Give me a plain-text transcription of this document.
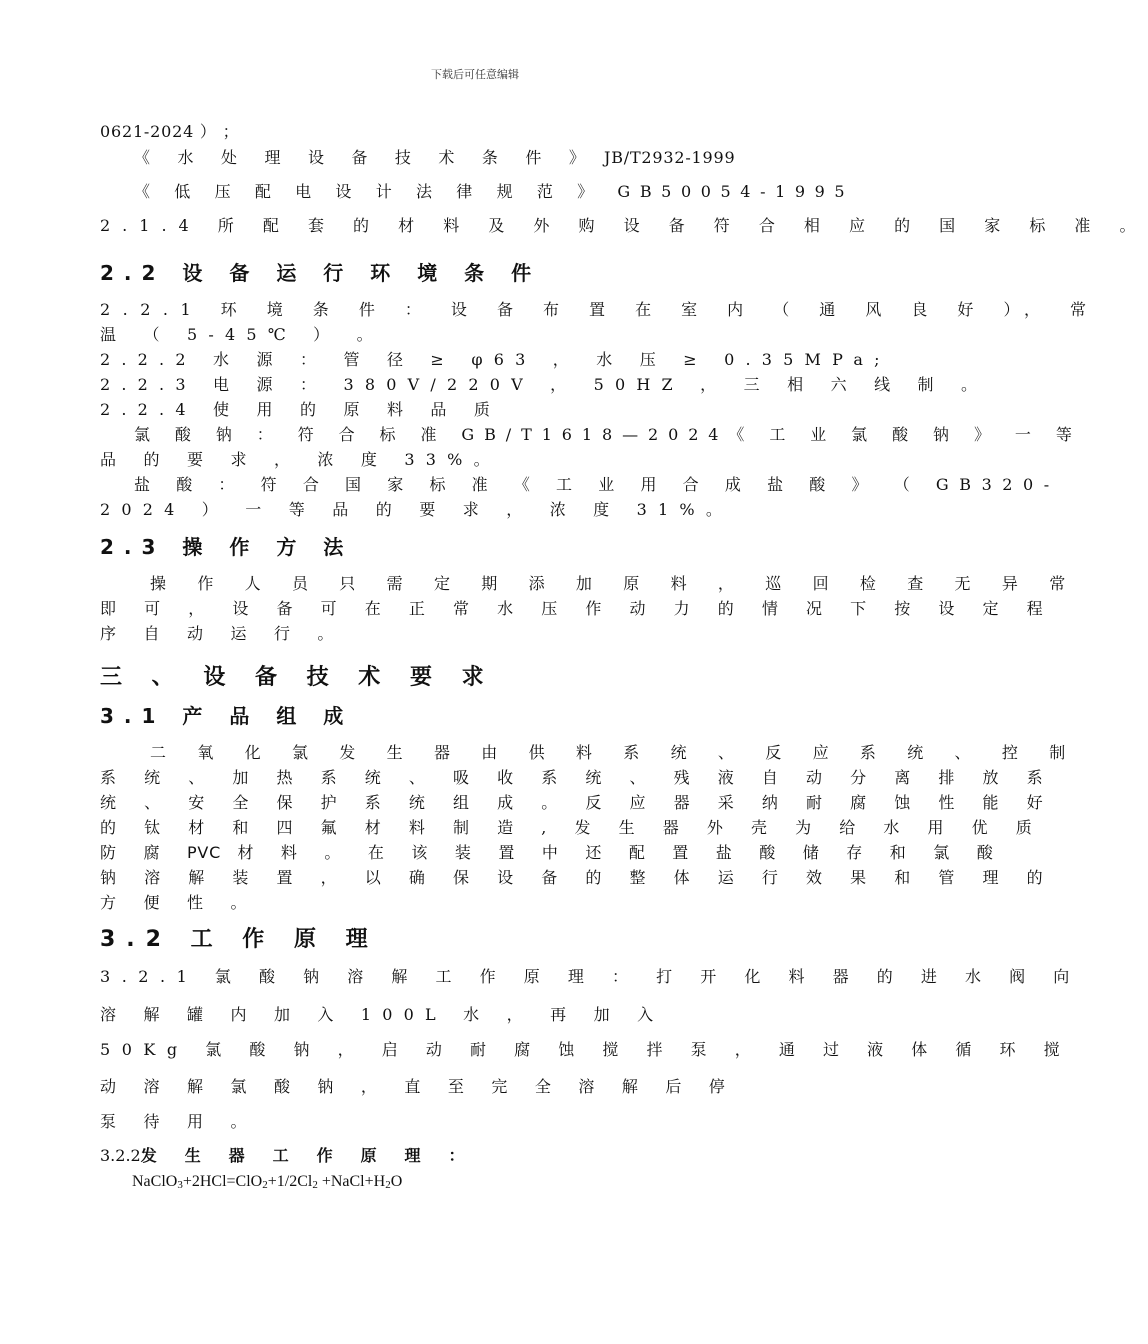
下载后可任意编辑
0621-2024 ） ；
《 水 处 理 设 备 技 术 条 件 》 JB/T2932-1999
《 低 压 配 电 设 计 法 律 规 范 》 GB50054-1995
2.1.4 所 配 套 的 材 料 及 外 购 设 备 符 合 相 应 的 国 家 标 准 。
2.2 设 备 运 行 环 境 条 件
2.2.1 环 境 条 件 ： 设 备 布 置 在 室 内 （ 通 风 良 好 ）， 常
温 （ 5-45℃ ） 。
2.2.2 水 源 ： 管 径 ≥ φ63 ， 水 压 ≥ 0.35MPa;
2.2.3 电 源 ： 380V/220V ， 50HZ ， 三 相 六 线 制 。
2.2.4 使 用 的 原 料 品 质
氯 酸 钠 ： 符 合 标 准 GB/T1618—2024《 工 业 氯 酸 钠 》 一 等
品 的 要 求 ， 浓 度 33%。
盐 酸 ： 符 合 国 家 标 准 《 工 业 用 合 成 盐 酸 》 （ GB320-
2024 ） 一 等 品 的 要 求 ， 浓 度 31%。
2.3 操 作 方 法
操 作 人 员 只 需 定 期 添 加 原 料 ， 巡 回 检 查 无 异 常
即 可 ， 设 备 可 在 正 常 水 压 作 动 力 的 情 况 下 按 设 定 程
序 自 动 运 行 。
三 、 设 备 技 术 要 求
3.1 产 品 组 成
二 氧 化 氯 发 生 器 由 供 料 系 统 、 反 应 系 统 、 控 制
系 统 、 加 热 系 统 、 吸 收 系 统 、 残 液 自 动 分 离 排 放 系
统 、 安 全 保 护 系 统 组 成 。 反 应 器 采 纳 耐 腐 蚀 性 能 好
的 钛 材 和 四 氟 材 料 制 造 , 发 生 器 外 壳 为 给 水 用 优 质
防 腐 PVC 材 料 。 在 该 装 置 中 还 配 置 盐 酸 储 存 和 氯 酸
钠 溶 解 装 置 ， 以 确 保 设 备 的 整 体 运 行 效 果 和 管 理 的
方 便 性 。
3.2 工 作 原 理
3.2.1 氯 酸 钠 溶 解 工 作 原 理 ： 打 开 化 料 器 的 进 水 阀 向
溶 解 罐 内 加 入 100L 水 ， 再 加 入
50Kg 氯 酸 钠 ， 启 动 耐 腐 蚀 搅 拌 泵 ， 通 过 液 体 循 环 搅
动 溶 解 氯 酸 钠 ， 直 至 完 全 溶 解 后 停
泵 待 用 。
3.2.2发 生 器 工 作 原 理 ：
NaClO3+2HCl=ClO2+1/2Cl2 +NaCl+H2O
